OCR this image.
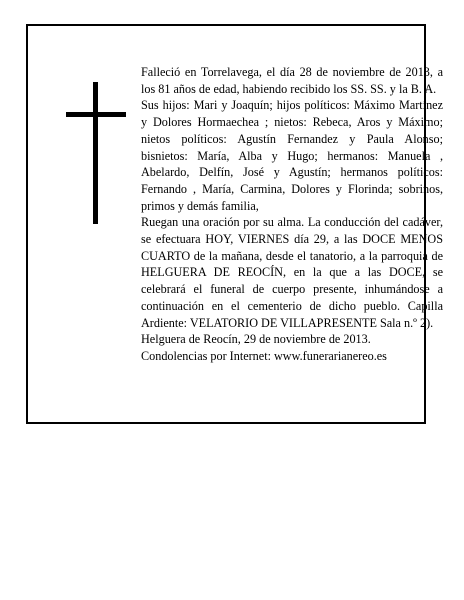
Falleció en Torrelavega, el día 28 de noviembre de 2013, a los 81 años de edad, habiendo recibido los SS. SS. y la B. A.

Sus hijos: Mari y Joaquín; hijos políticos: Máximo Martínez y Dolores Hormaechea ; nietos: Rebeca, Aros y Máximo; nietos políticos: Agustín Fernandez y Paula Alonso; bisnietos: María, Alba y Hugo; hermanos: Manuela , Abelardo, Delfín, José y Agustín; hermanos políticos: Fernando , María, Carmina, Dolores y Florinda; sobrinos, primos y demás familia,

Ruegan una oración por su alma. La conducción del cadáver, se efectuara HOY, VIERNES día 29, a las DOCE MENOS CUARTO de la mañana, desde el tanatorio, a la parroquia de HELGUERA DE REOCÍN, en la que a las DOCE, se celebrará el funeral de cuerpo presente, inhumándose a continuación en el cementerio de dicho pueblo. Capilla Ardiente: VELATORIO DE VILLAPRESENTE Sala n.º 2).

Helguera de Reocín, 29 de noviembre de 2013.

Condolencias por Internet: www.funerarianereo.es
